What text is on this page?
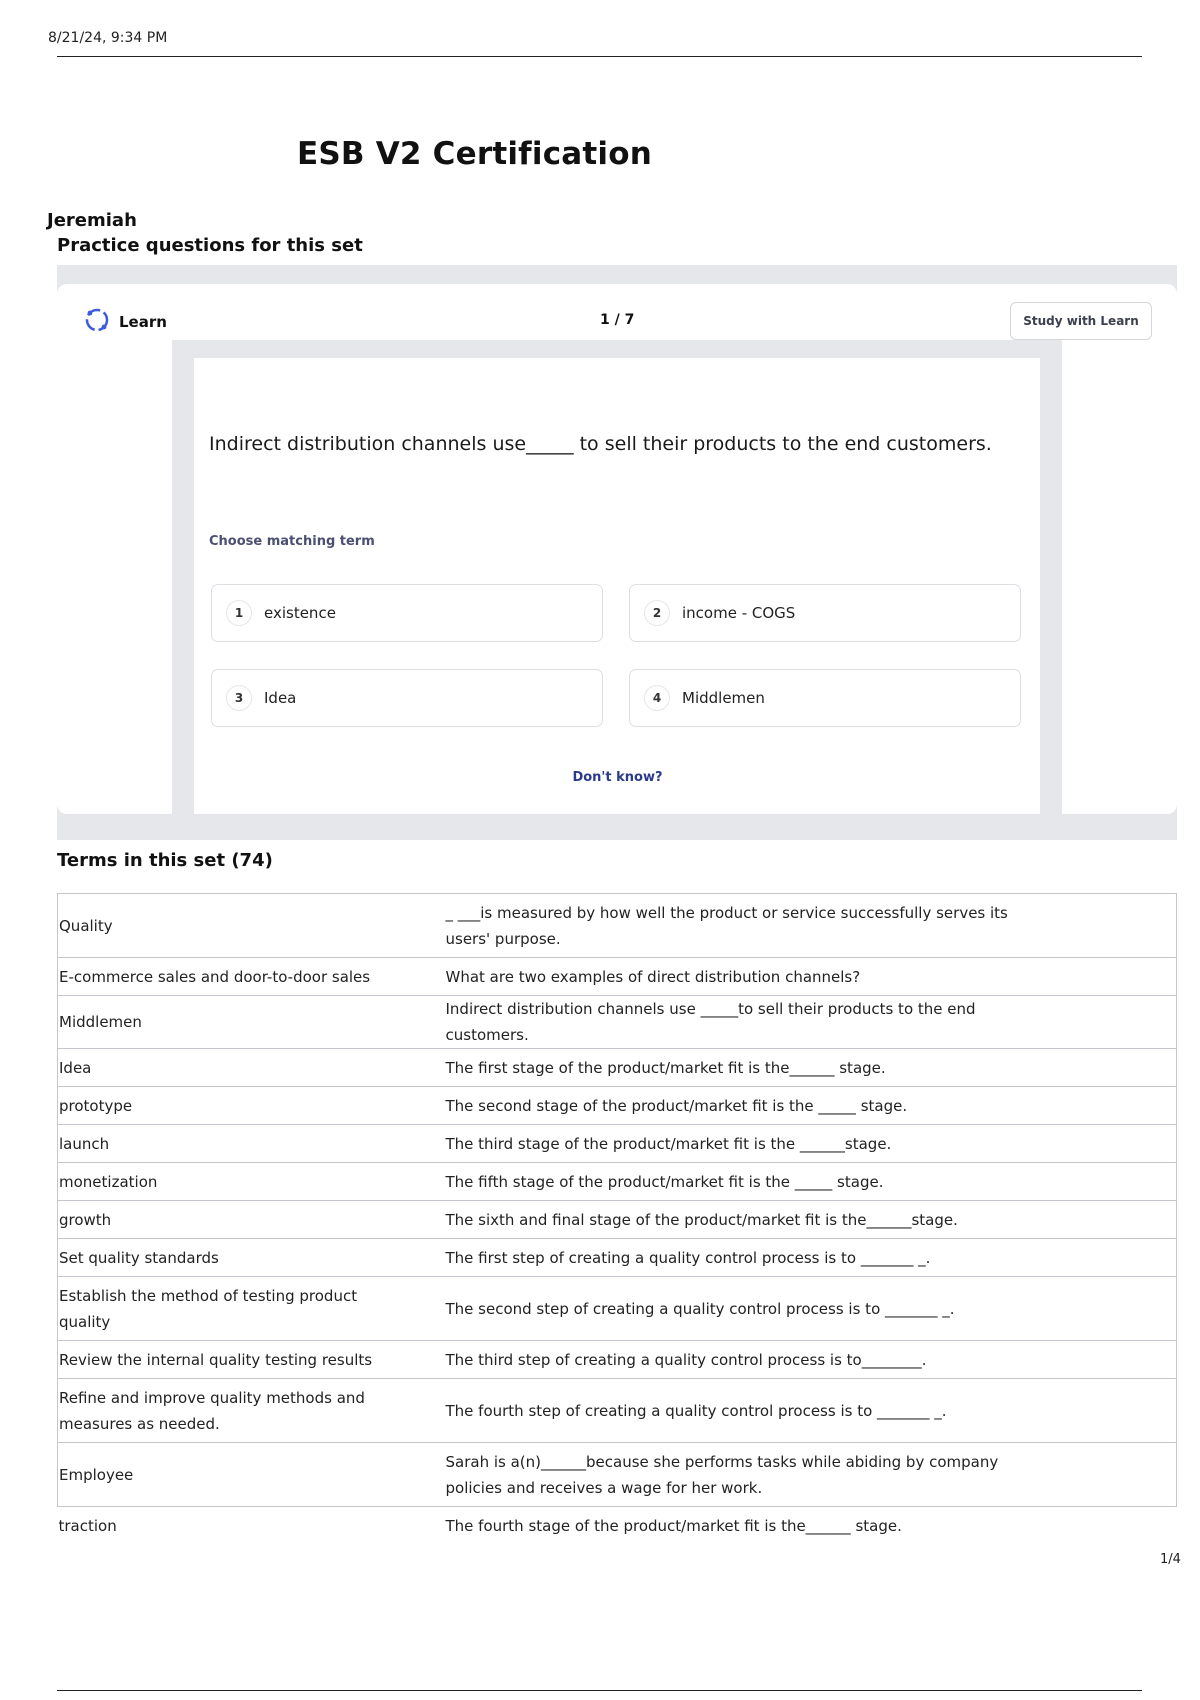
8/21/24, 9:34 PM
ESB V2 Certification
Jeremiah
Practice questions for this set
Learn	1 / 7	Study with Learn
Indirect distribution channels use_____ to sell their products to the end customers.
Choose matching term
1	existence	2	income - COGS
3	Idea	4	Middlemen
Don't know?
Terms in this set (74)
Quality		_ ___is measured by how well the product or service successfully serves its users' purpose.
E-commerce sales and door-to-door sales		What are two examples of direct distribution channels?
Middlemen		Indirect distribution channels use _____to sell their products to the end customers.
Idea		The first stage of the product/market fit is the______ stage.
prototype		The second stage of the product/market fit is the _____ stage.
launch		The third stage of the product/market fit is the ______stage.
monetization		The fifth stage of the product/market fit is the _____ stage.
growth		The sixth and final stage of the product/market fit is the______stage.
Set quality standards		The first step of creating a quality control process is to _______ _.
Establish the method of testing product quality		The second step of creating a quality control process is to _______ _.
Review the internal quality testing results		The third step of creating a quality control process is to________.
Refine and improve quality methods and measures as needed.		The fourth step of creating a quality control process is to _______ _.
Employee		Sarah is a(n)______because she performs tasks while abiding by company policies and receives a wage for her work.
traction		The fourth stage of the product/market fit is the______ stage.
1/4
